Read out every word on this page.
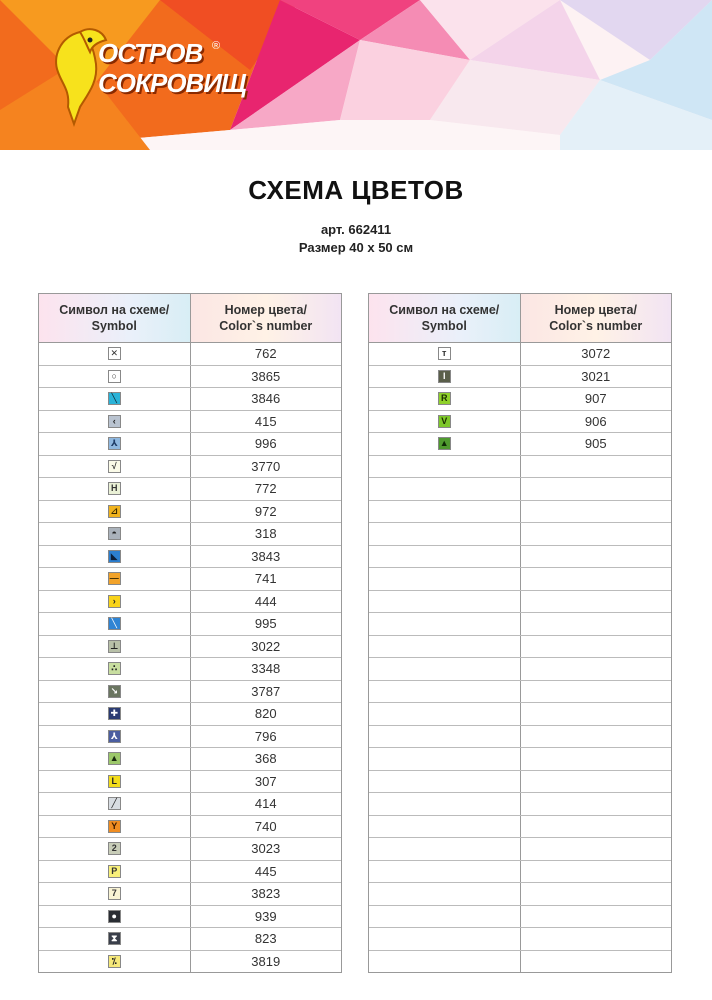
ОСТРОВ
СОКРОВИЩ
®
СХЕМА ЦВЕТОВ
арт. 662411
Размер 40 х 50 см
Символ на схеме/
Symbol
Номер цвета/
Color`s number
✕	762
○	3865
╲	3846
‹	415
⅄	996
√	3770
Н	772
⊿	972
◓	318
◣	3843
—	741
›	444
╲	995
⊥	3022
∴	3348
↘	3787
✚	820
⅄	796
▲	368
L	307
╱	414
Y	740
2	3023
P	445
7	3823
●	939
⧗	823
⁒	3819
Символ на схеме/
Symbol
Номер цвета/
Color`s number
т	3072
Ι	3021
R	907
V	906
▲	905
